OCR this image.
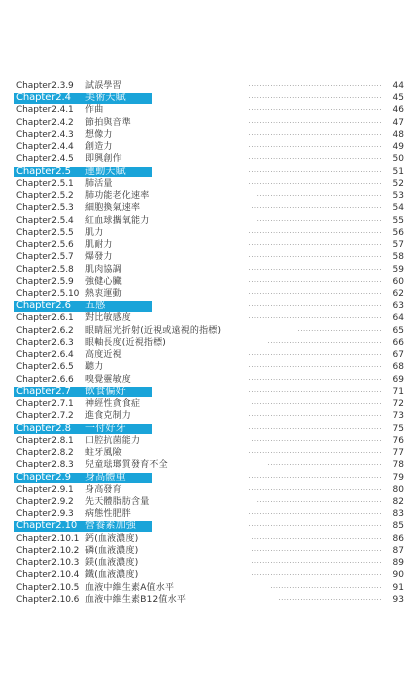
Chapter2.3.9 試誤學習	·················································	44
Chapter2.4 美術天賦	·················································	45
Chapter2.4.1 作曲	·················································	46
Chapter2.4.2 節拍與音準	·················································	47
Chapter2.4.3 想像力	·················································	48
Chapter2.4.4 創造力	·················································	49
Chapter2.4.5 即興創作	·················································	50
Chapter2.5 運動天賦	·················································	51
Chapter2.5.1 肺活量	·················································	52
Chapter2.5.2 肺功能老化速率	··············································	53
Chapter2.5.3 細胞換氣速率	················································	54
Chapter2.5.4 紅血球攜氧能力	··············································	55
Chapter2.5.5 肌力	·················································	56
Chapter2.5.6 肌耐力	·················································	57
Chapter2.5.7 爆發力	·················································	58
Chapter2.5.8 肌肉協調	·················································	59
Chapter2.5.9 強健心臟	·················································	60
Chapter2.5.10 熱衷運動	·················································	62
Chapter2.6 五感	·················································	63
Chapter2.6.1 對比敏感度	·················································	64
Chapter2.6.2 眼睛屈光折射(近視或遠視的指標)	·······························	65
Chapter2.6.3 眼軸長度(近視指標)	··········································	66
Chapter2.6.4 高度近視	·················································	67
Chapter2.6.5 聽力	·················································	68
Chapter2.6.6 嗅覺靈敏度	·················································	69
Chapter2.7 飲食偏好	·················································	71
Chapter2.7.1 神經性貪食症	················································	72
Chapter2.7.2 進食克制力	·················································	73
Chapter2.8 一付好牙	·················································	75
Chapter2.8.1 口腔抗菌能力	················································	76
Chapter2.8.2 蛀牙風險	·················································	77
Chapter2.8.3 兒童琺瑯質發育不全	··········································	78
Chapter2.9 身高體重	·················································	79
Chapter2.9.1 身高發育	·················································	80
Chapter2.9.2 先天體脂肪含量	··············································	82
Chapter2.9.3 病態性肥胖	·················································	83
Chapter2.10 營養素加強	·················································	85
Chapter2.10.1 鈣(血液濃度)	················································	86
Chapter2.10.2 磷(血液濃度)	················································	87
Chapter2.10.3 鎂(血液濃度)	················································	89
Chapter2.10.4 鐵(血液濃度)	················································	90
Chapter2.10.5 血液中維生素A值水平	·········································	91
Chapter2.10.6 血液中維生素B12值水平	······································	93
